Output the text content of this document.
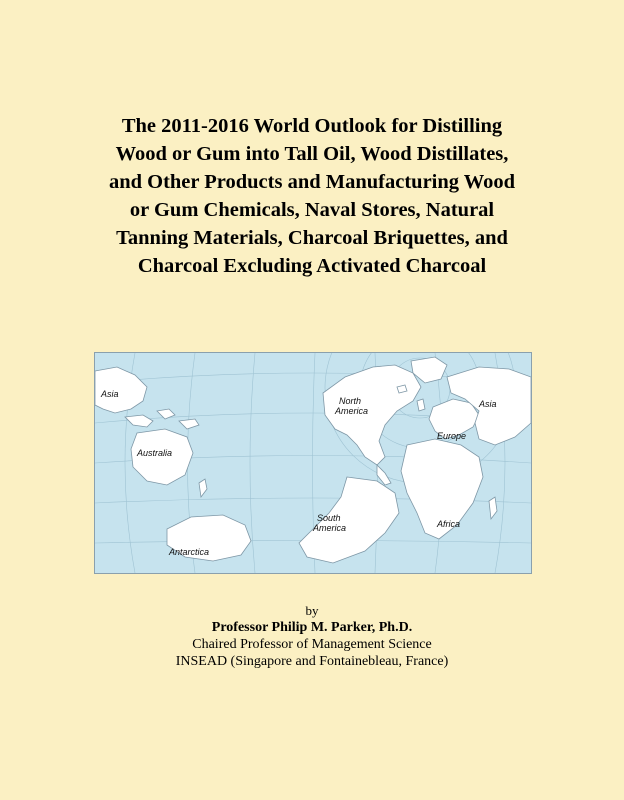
The 2011-2016 World Outlook for Distilling
Wood or Gum into Tall Oil, Wood Distillates,
and Other Products and Manufacturing Wood
or Gum Chemicals, Naval Stores, Natural
Tanning Materials, Charcoal Briquettes, and
Charcoal Excluding Activated Charcoal
Asia
Australia
Antarctica
North
America
South
America
Europe
Asia
Africa
by
Professor Philip M. Parker, Ph.D.
Chaired Professor of Management Science
INSEAD (Singapore and Fontainebleau, France)
